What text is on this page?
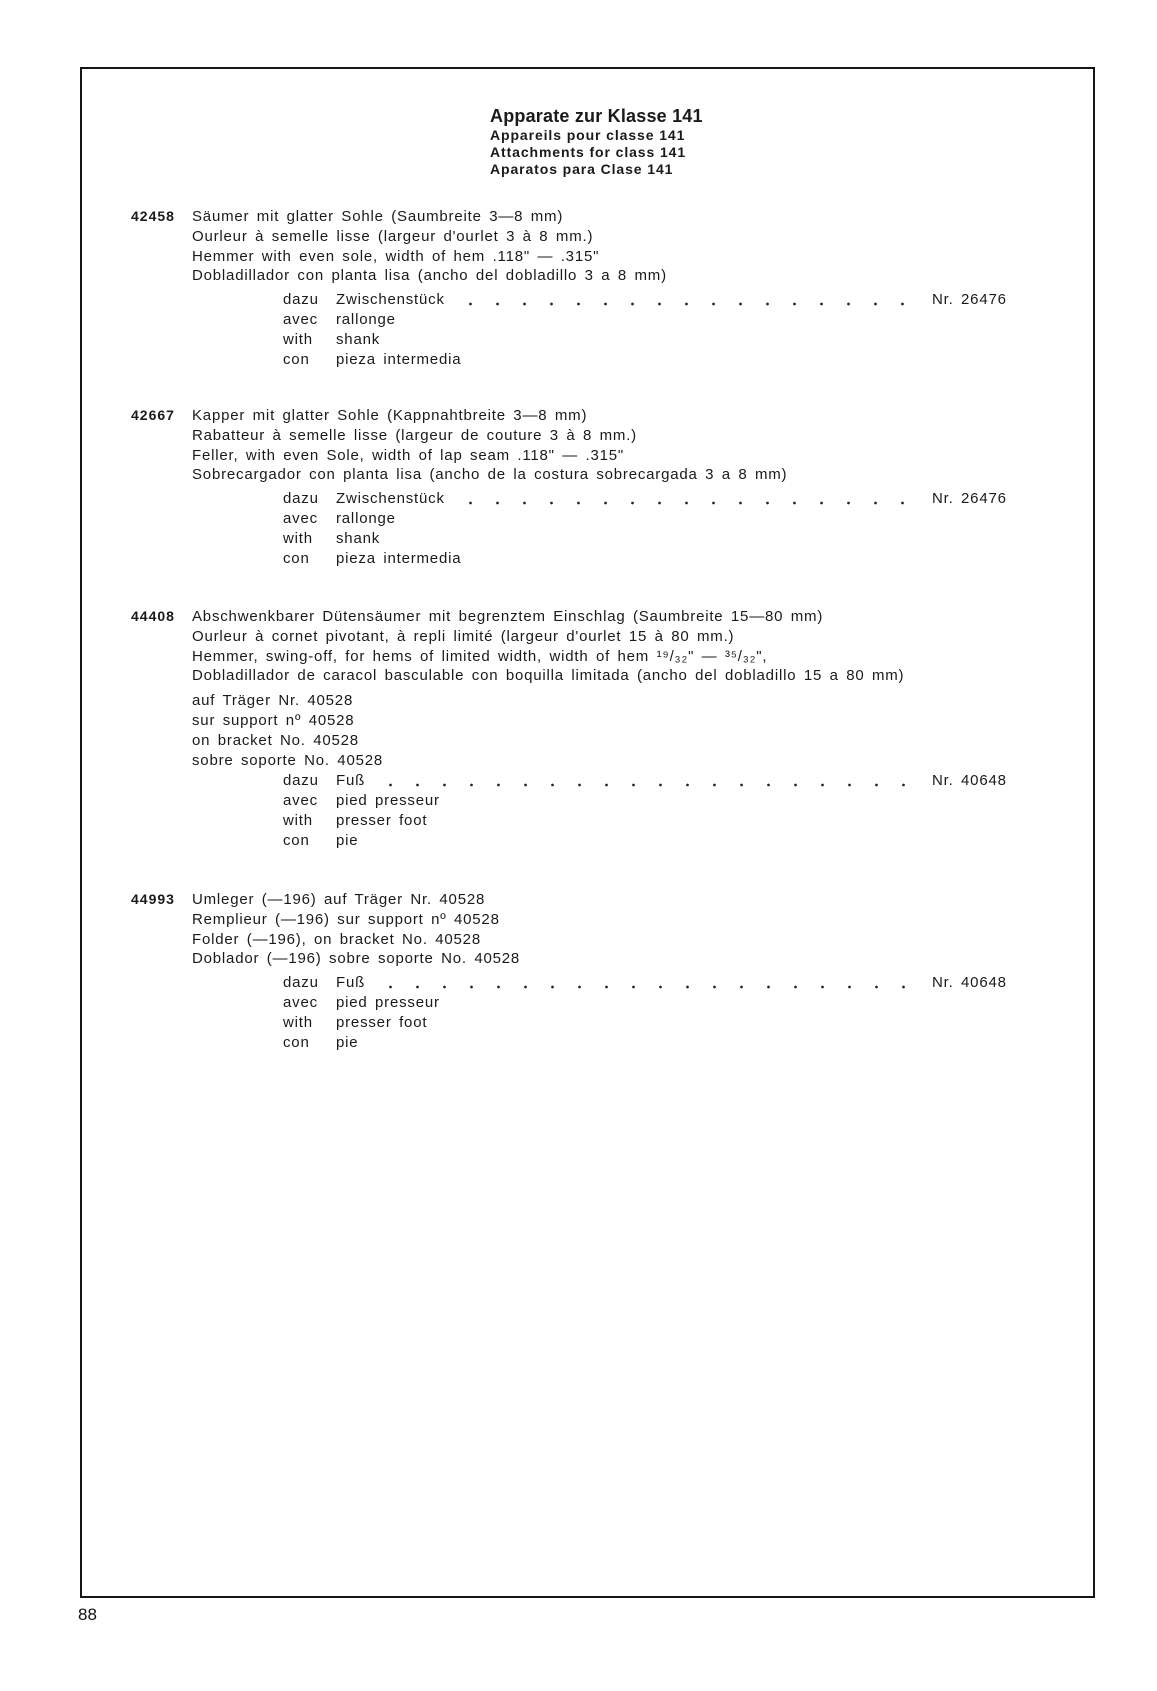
Apparate zur Klasse 141
Appareils pour classe 141
Attachments for class 141
Aparatos para Clase 141
42458 Säumer mit glatter Sohle (Saumbreite 3—8 mm)
Ourleur à semelle lisse (largeur d'ourlet 3 à 8 mm.)
Hemmer with even sole, width of hem .118" — .315"
Dobladillador con planta lisa (ancho del dobladillo 3 a 8 mm)
dazu	Zwischenstück	Nr. 26476
avec	rallonge
with	shank
con	pieza intermedia
42667 Kapper mit glatter Sohle (Kappnahtbreite 3—8 mm)
Rabatteur à semelle lisse (largeur de couture 3 à 8 mm.)
Feller, with even Sole, width of lap seam .118" — .315"
Sobrecargador con planta lisa (ancho de la costura sobrecargada 3 a 8 mm)
dazu	Zwischenstück	Nr. 26476
avec	rallonge
with	shank
con	pieza intermedia
44408 Abschwenkbarer Dütensäumer mit begrenztem Einschlag (Saumbreite 15—80 mm)
Ourleur à cornet pivotant, à repli limité (largeur d'ourlet 15 à 80 mm.)
Hemmer, swing-off, for hems of limited width, width of hem ¹⁹/₃₂" — ³⁵/₃₂",
Dobladillador de caracol basculable con boquilla limitada (ancho del dobladillo 15 a 80 mm)
auf Träger Nr. 40528
sur support nº 40528
on bracket No. 40528
sobre soporte No. 40528
dazu	Fuß	Nr. 40648
avec	pied presseur
with	presser foot
con	pie
44993 Umleger (—196) auf Träger Nr. 40528
Remplieur (—196) sur support nº 40528
Folder (—196), on bracket No. 40528
Doblador (—196) sobre soporte No. 40528
dazu	Fuß	Nr. 40648
avec	pied presseur
with	presser foot
con	pie
88
